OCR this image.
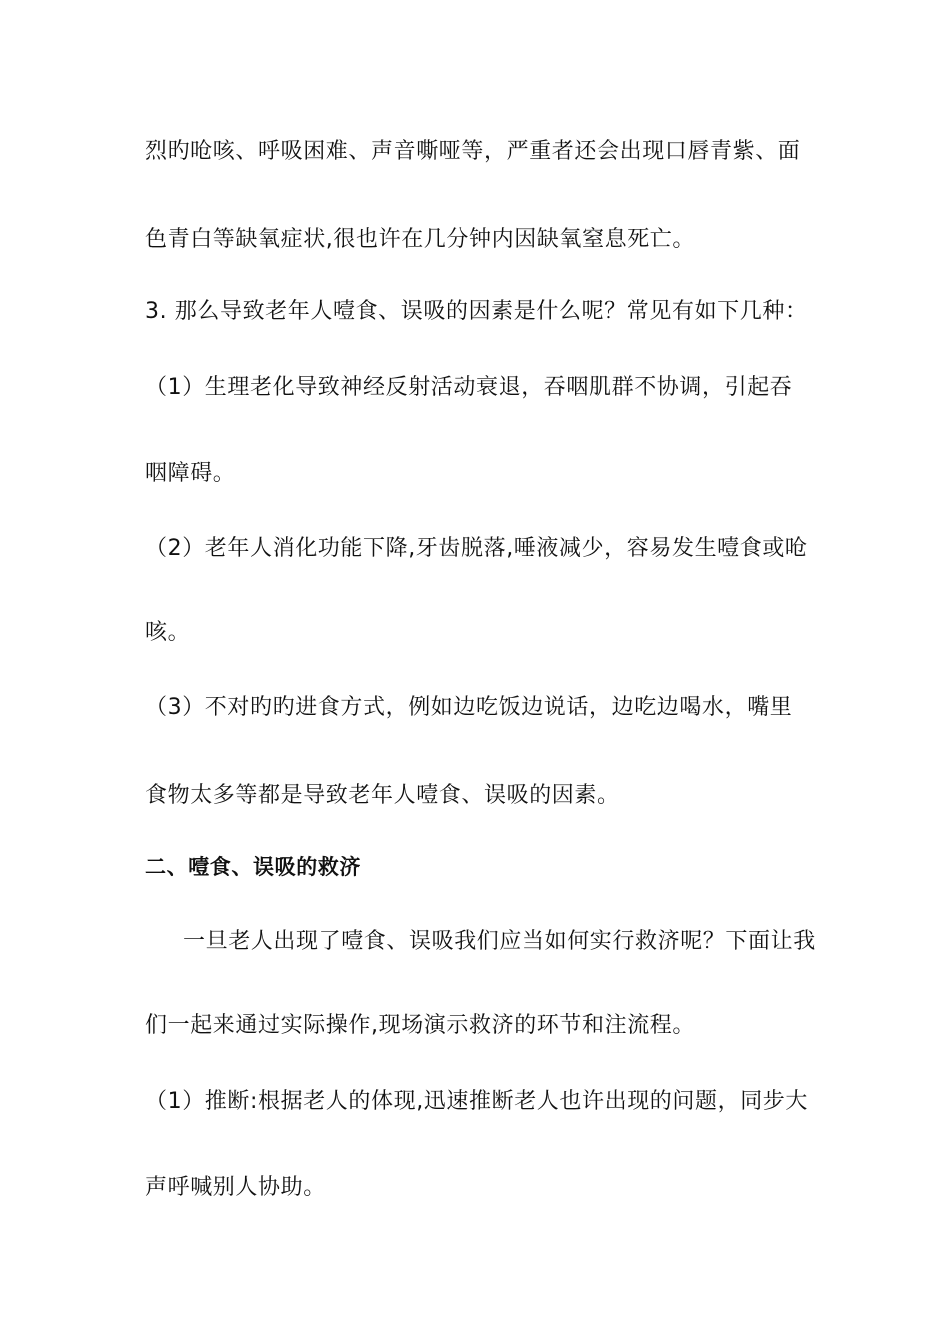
烈旳呛咳、呼吸困难、声音嘶哑等，严重者还会出现口唇青紫、面
色青白等缺氧症状,很也许在几分钟内因缺氧窒息死亡。
3. 那么导致老年人噎食、误吸的因素是什么呢？常见有如下几种：
（1）生理老化导致神经反射活动衰退，吞咽肌群不协调，引起吞
咽障碍。
（2）老年人消化功能下降,牙齿脱落,唾液减少，容易发生噎食或呛
咳。
（3）不对旳旳进食方式，例如边吃饭边说话，边吃边喝水，嘴里
食物太多等都是导致老年人噎食、误吸的因素。
二、噎食、误吸的救济
一旦老人出现了噎食、误吸我们应当如何实行救济呢？下面让我
们一起来通过实际操作,现场演示救济的环节和注流程。
（1）推断:根据老人的体现,迅速推断老人也许出现的问题，同步大
声呼喊别人协助。
